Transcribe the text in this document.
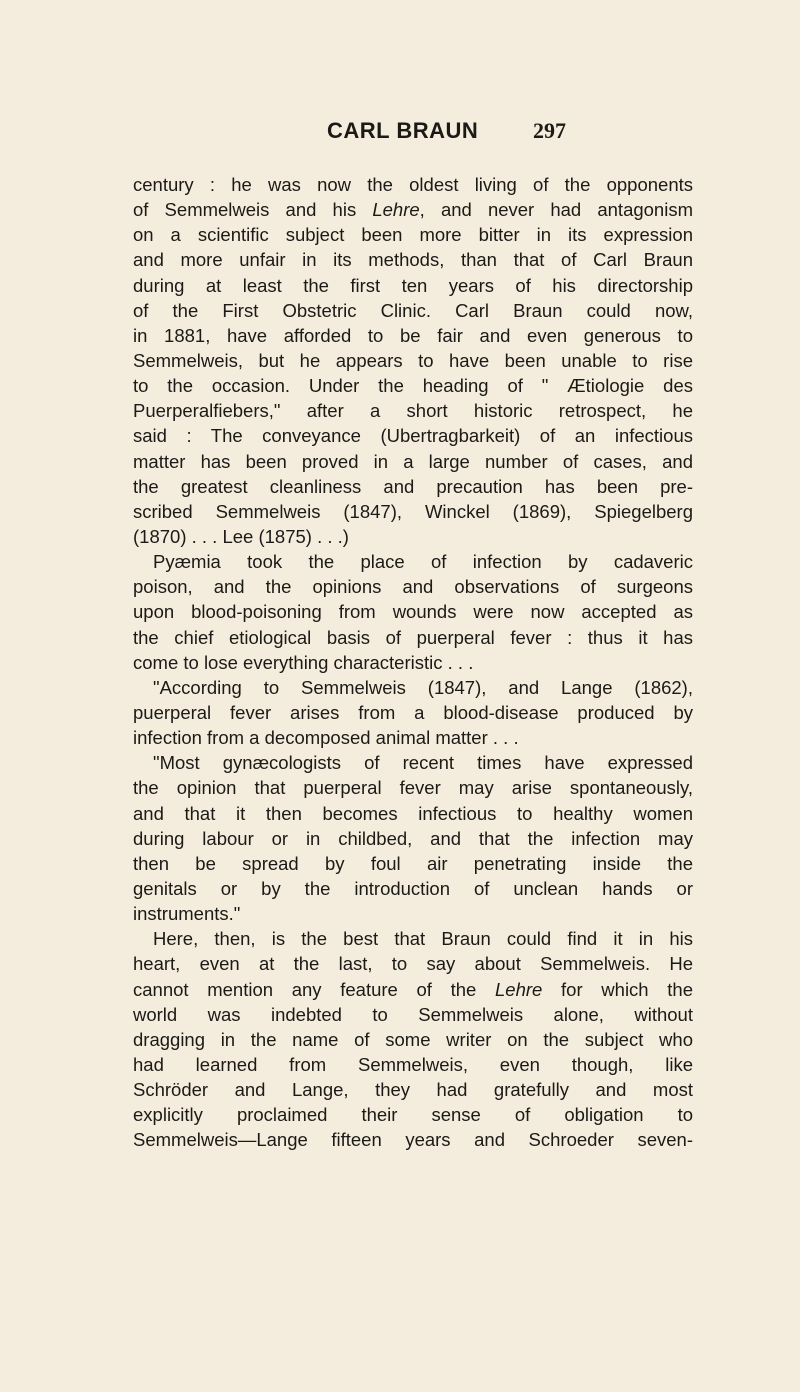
CARL BRAUN 297
century : he was now the oldest living of the opponents
of Semmelweis and his Lehre, and never had antagonism
on a scientific subject been more bitter in its expression
and more unfair in its methods, than that of Carl Braun
during at least the first ten years of his directorship
of the First Obstetric Clinic. Carl Braun could now,
in 1881, have afforded to be fair and even generous to
Semmelweis, but he appears to have been unable to rise
to the occasion. Under the heading of " Ætiologie des
Puerperalfiebers," after a short historic retrospect, he
said : The conveyance (Ubertragbarkeit) of an infectious
matter has been proved in a large number of cases, and
the greatest cleanliness and precaution has been pre-
scribed Semmelweis (1847), Winckel (1869), Spiegelberg
(1870) . . . Lee (1875) . . .)
Pyæmia took the place of infection by cadaveric
poison, and the opinions and observations of surgeons
upon blood-poisoning from wounds were now accepted as
the chief etiological basis of puerperal fever : thus it has
come to lose everything characteristic . . .
"According to Semmelweis (1847), and Lange (1862),
puerperal fever arises from a blood-disease produced by
infection from a decomposed animal matter . . .
"Most gynæcologists of recent times have expressed
the opinion that puerperal fever may arise spontaneously,
and that it then becomes infectious to healthy women
during labour or in childbed, and that the infection may
then be spread by foul air penetrating inside the
genitals or by the introduction of unclean hands or
instruments."
Here, then, is the best that Braun could find it in his
heart, even at the last, to say about Semmelweis. He
cannot mention any feature of the Lehre for which the
world was indebted to Semmelweis alone, without
dragging in the name of some writer on the subject who
had learned from Semmelweis, even though, like
Schröder and Lange, they had gratefully and most
explicitly proclaimed their sense of obligation to
Semmelweis—Lange fifteen years and Schroeder seven-
